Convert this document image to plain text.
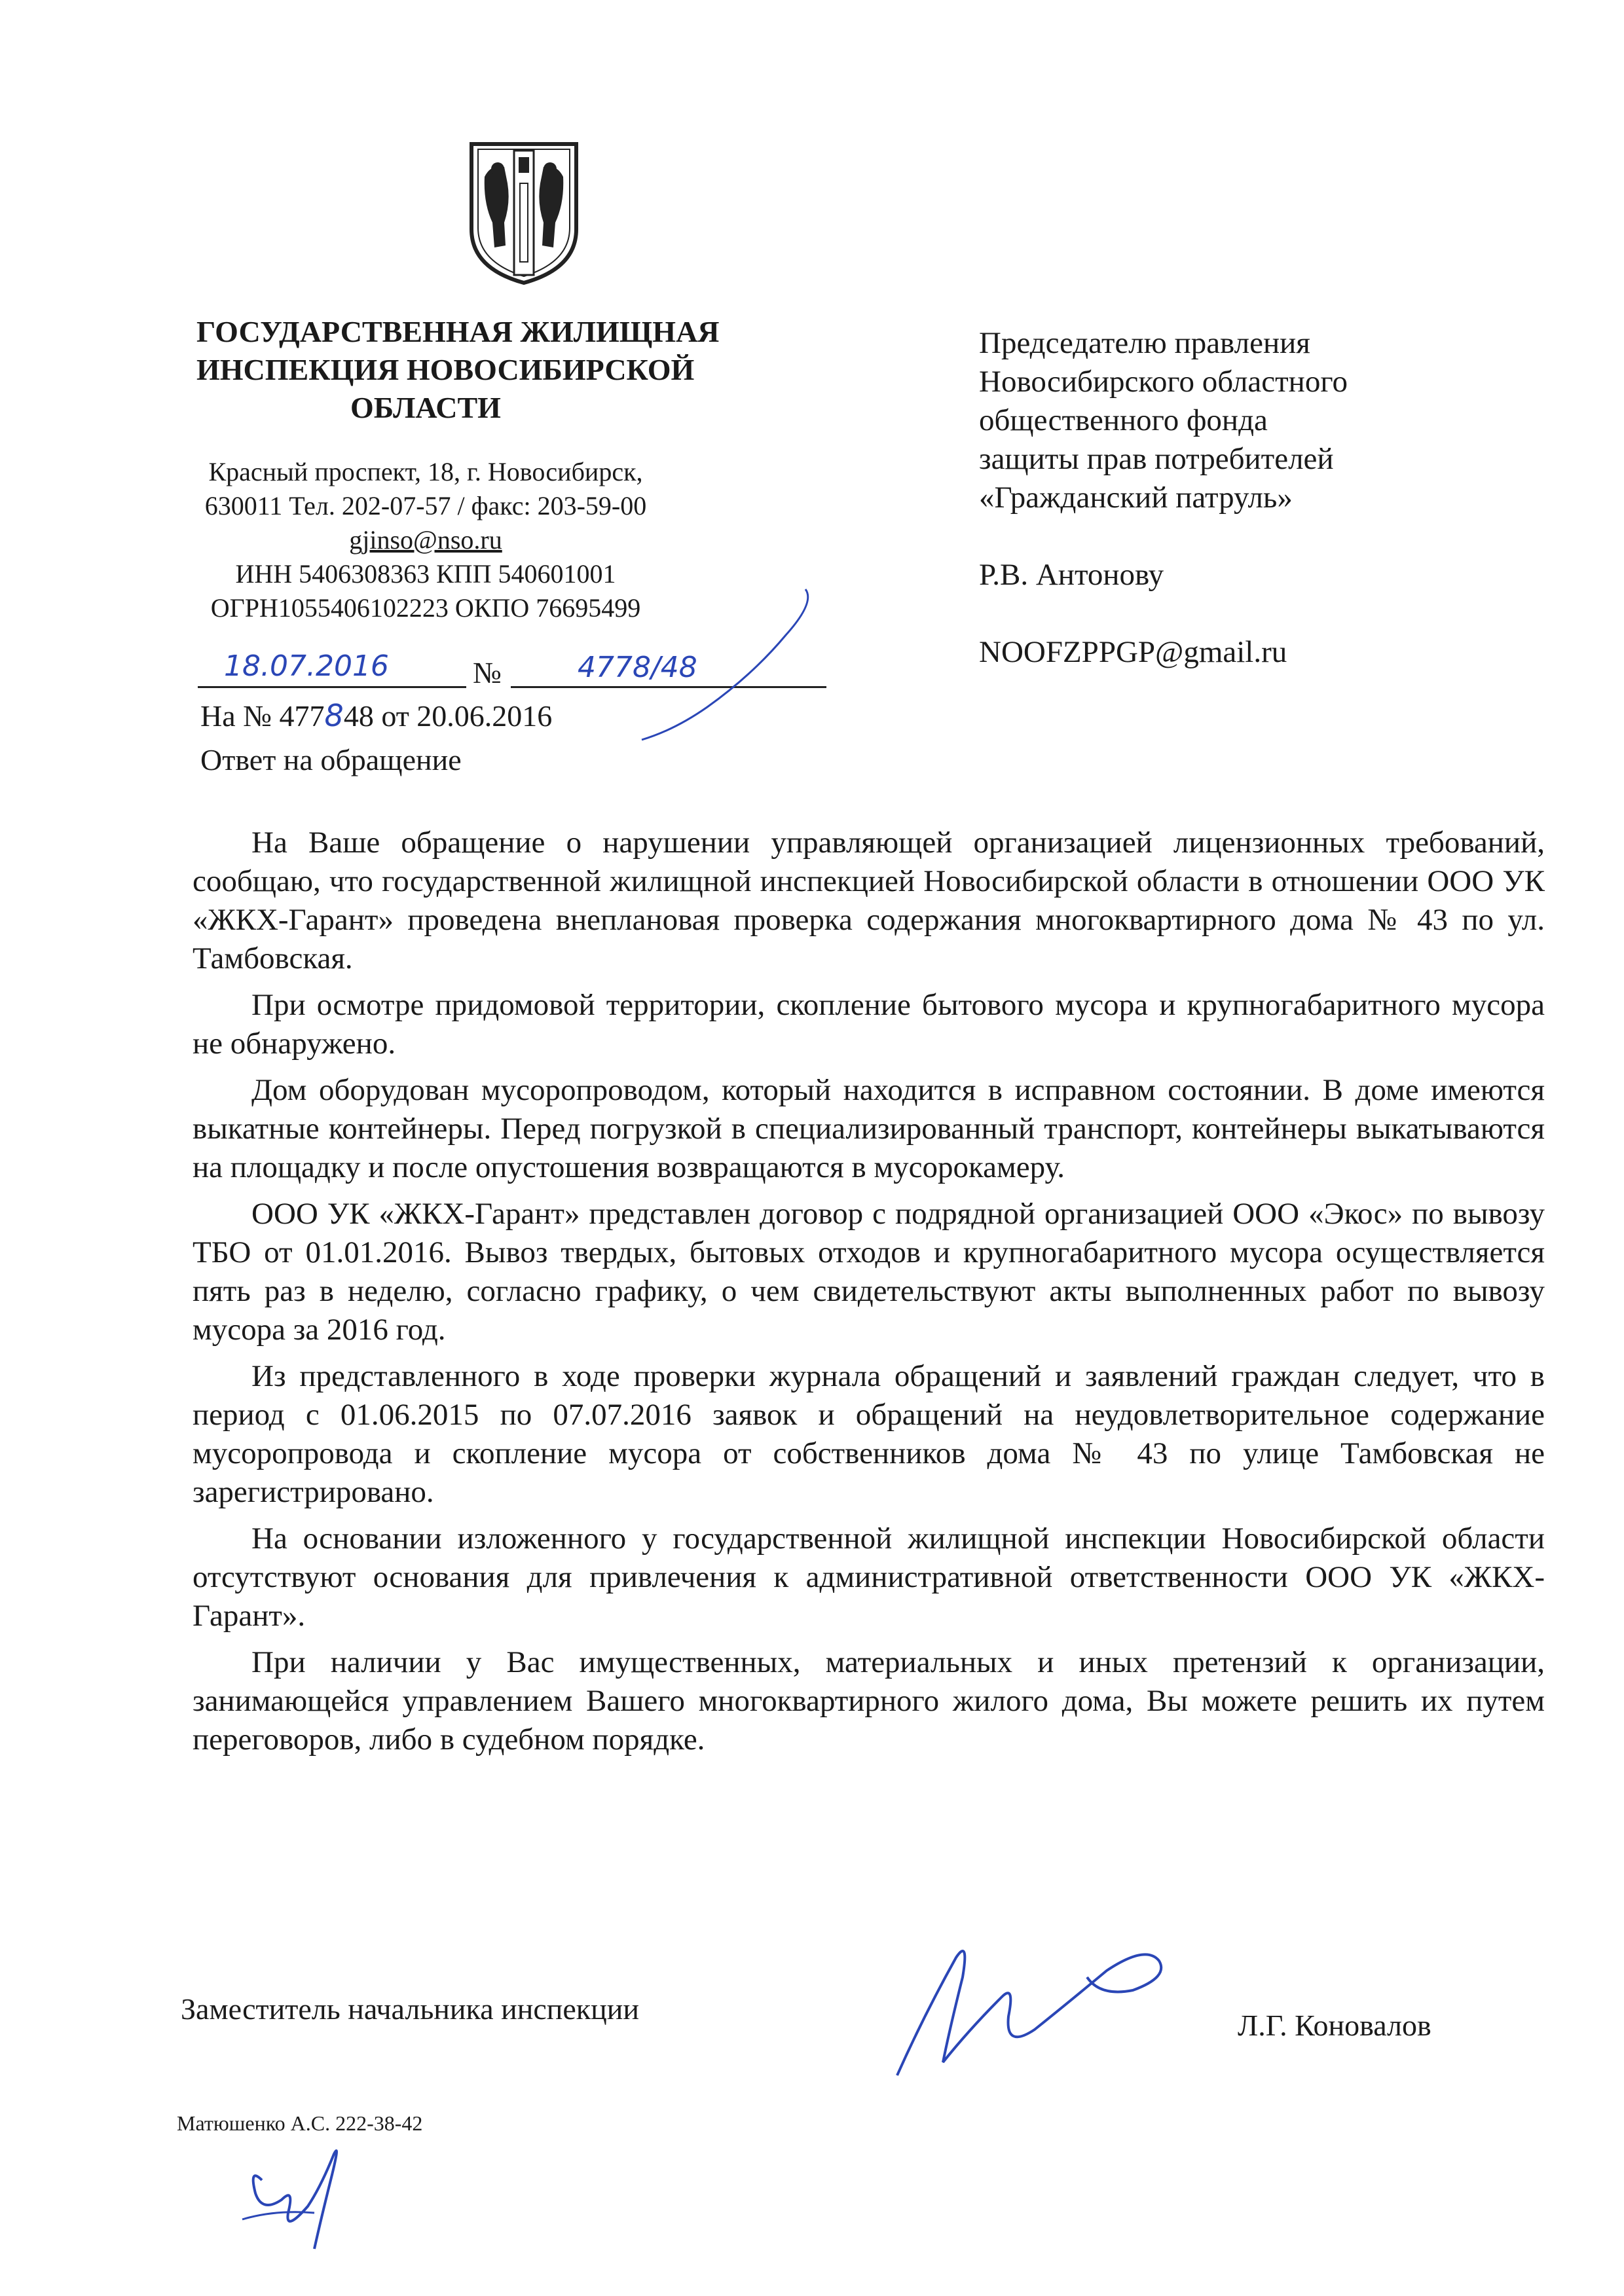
ГОСУДАРСТВЕННАЯ ЖИЛИЩНАЯ
ИНСПЕКЦИЯ НОВОСИБИРСКОЙ
ОБЛАСТИ
Красный проспект, 18, г. Новосибирск,
630011 Тел. 202-07-57 / факс: 203-59-00
gjinso@nso.ru
ИНН 5406308363 КПП 540601001
ОГРН1055406102223 ОКПО 76695499
Председателю правления
Новосибирского областного
общественного фонда
защиты прав потребителей
«Гражданский патруль»
Р.В. Антонову
NOOFZPPGP@gmail.ru
18.07.2016	№	4778/48
На № 477848 от 20.06.2016
Ответ на обращение

На Ваше обращение о нарушении управляющей организацией лицензионных требований, сообщаю, что государственной жилищной инспекцией Новосибирской области в отношении ООО УК «ЖКХ-Гарант» проведена внеплановая проверка содержания многоквартирного дома № 43 по ул. Тамбовская.

При осмотре придомовой территории, скопление бытового мусора и крупногабаритного мусора не обнаружено.

Дом оборудован мусоропроводом, который находится в исправном состоянии. В доме имеются выкатные контейнеры. Перед погрузкой в специализированный транспорт, контейнеры выкатываются на площадку и после опустошения возвращаются в мусорокамеру.

ООО УК «ЖКХ-Гарант» представлен договор с подрядной организацией ООО «Экос» по вывозу ТБО от 01.01.2016. Вывоз твердых, бытовых отходов и крупногабаритного мусора осуществляется пять раз в неделю, согласно графику, о чем свидетельствуют акты выполненных работ по вывозу мусора за 2016 год.

Из представленного в ходе проверки журнала обращений и заявлений граждан следует, что в период с 01.06.2015 по 07.07.2016 заявок и обращений на неудовлетворительное содержание мусоропровода и скопление мусора от собственников дома № 43 по улице Тамбовская не зарегистрировано.

На основании изложенного у государственной жилищной инспекции Новосибирской области отсутствуют основания для привлечения к административной ответственности ООО УК «ЖКХ-Гарант».

При наличии у Вас имущественных, материальных и иных претензий к организации, занимающейся управлением Вашего многоквартирного жилого дома, Вы можете решить их путем переговоров, либо в судебном порядке.

Заместитель начальника инспекции	Л.Г. Коновалов
Матюшенко А.С. 222-38-42
